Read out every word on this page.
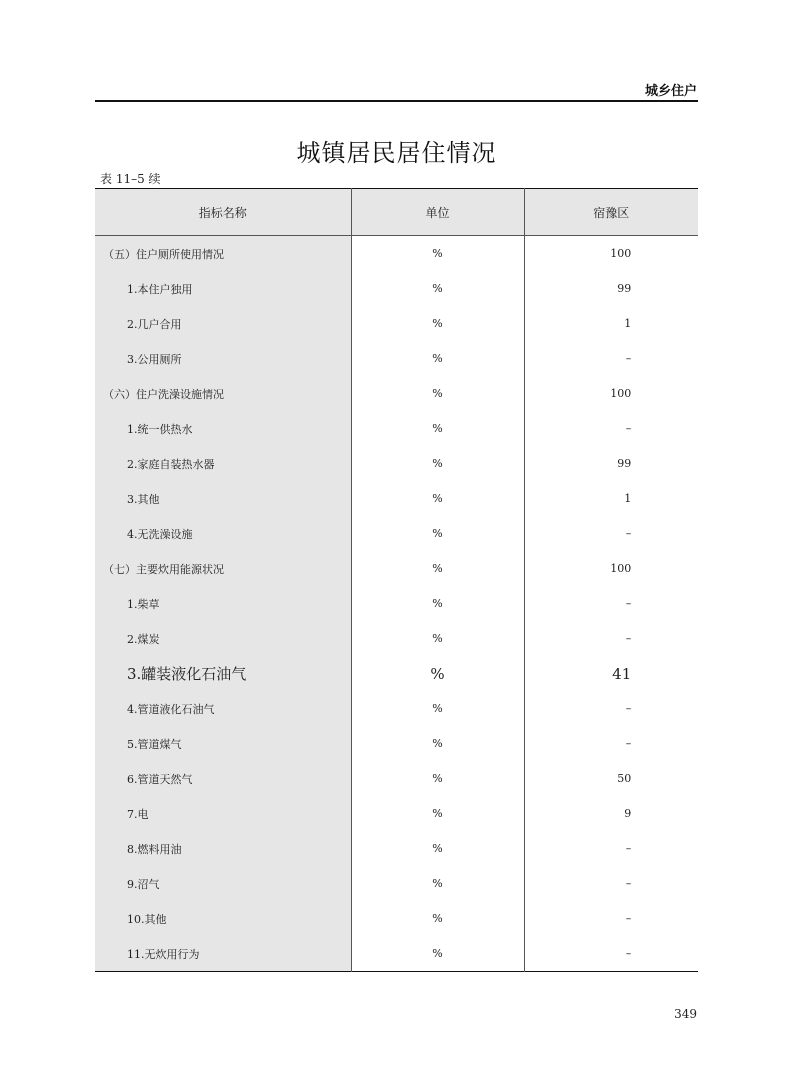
城乡住户
城镇居民居住情况
表 11–5 续
指标名称	单位	宿豫区
（五）住户厕所使用情况	%	100
1.本住户独用	%	99
2.几户合用	%	1
3.公用厕所	%	–
（六）住户洗澡设施情况	%	100
1.统一供热水	%	–
2.家庭自装热水器	%	99
3.其他	%	1
4.无洗澡设施	%	–
（七）主要炊用能源状况	%	100
1.柴草	%	–
2.煤炭	%	–
3.罐装液化石油气	%	41
4.管道液化石油气	%	–
5.管道煤气	%	–
6.管道天然气	%	50
7.电	%	9
8.燃料用油	%	–
9.沼气	%	–
10.其他	%	–
11.无炊用行为	%	–
349
